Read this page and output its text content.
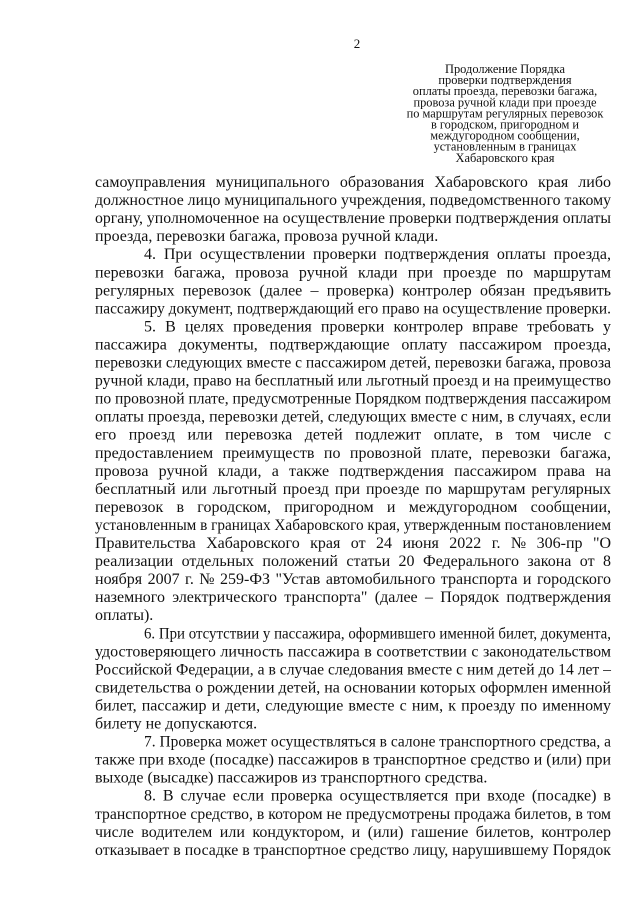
2
Продолжение Порядка
проверки подтверждения
оплаты проезда, перевозки багажа,
провоза ручной клади при проезде
по маршрутам регулярных перевозок
в городском, пригородном и
междугородном сообщении,
установленным в границах
Хабаровского края
самоуправления муниципального образования Хабаровского края либо
должностное лицо муниципального учреждения, подведомственного такому
органу, уполномоченное на осуществление проверки подтверждения оплаты
проезда, перевозки багажа, провоза ручной клади.
4. При осуществлении проверки подтверждения оплаты проезда,
перевозки багажа, провоза ручной клади при проезде по маршрутам
регулярных перевозок (далее – проверка) контролер обязан предъявить
пассажиру документ, подтверждающий его право на осуществление проверки.
5. В целях проведения проверки контролер вправе требовать у
пассажира документы, подтверждающие оплату пассажиром проезда,
перевозки следующих вместе с пассажиром детей, перевозки багажа, провоза
ручной клади, право на бесплатный или льготный проезд и на преимущество
по провозной плате, предусмотренные Порядком подтверждения пассажиром
оплаты проезда, перевозки детей, следующих вместе с ним, в случаях, если
его проезд или перевозка детей подлежит оплате, в том числе с
предоставлением преимуществ по провозной плате, перевозки багажа,
провоза ручной клади, а также подтверждения пассажиром права на
бесплатный или льготный проезд при проезде по маршрутам регулярных
перевозок в городском, пригородном и междугородном сообщении,
установленным в границах Хабаровского края, утвержденным постановлением
Правительства Хабаровского края от 24 июня 2022 г. № 306-пр "О
реализации отдельных положений статьи 20 Федерального закона от 8
ноября 2007 г. № 259-ФЗ "Устав автомобильного транспорта и городского
наземного электрического транспорта" (далее – Порядок подтверждения
оплаты).
6. При отсутствии у пассажира, оформившего именной билет, документа,
удостоверяющего личность пассажира в соответствии с законодательством
Российской Федерации, а в случае следования вместе с ним детей до 14 лет –
свидетельства о рождении детей, на основании которых оформлен именной
билет, пассажир и дети, следующие вместе с ним, к проезду по именному
билету не допускаются.
7. Проверка может осуществляться в салоне транспортного средства, а
также при входе (посадке) пассажиров в транспортное средство и (или) при
выходе (высадке) пассажиров из транспортного средства.
8. В случае если проверка осуществляется при входе (посадке) в
транспортное средство, в котором не предусмотрены продажа билетов, в том
числе водителем или кондуктором, и (или) гашение билетов, контролер
отказывает в посадке в транспортное средство лицу, нарушившему Порядок
